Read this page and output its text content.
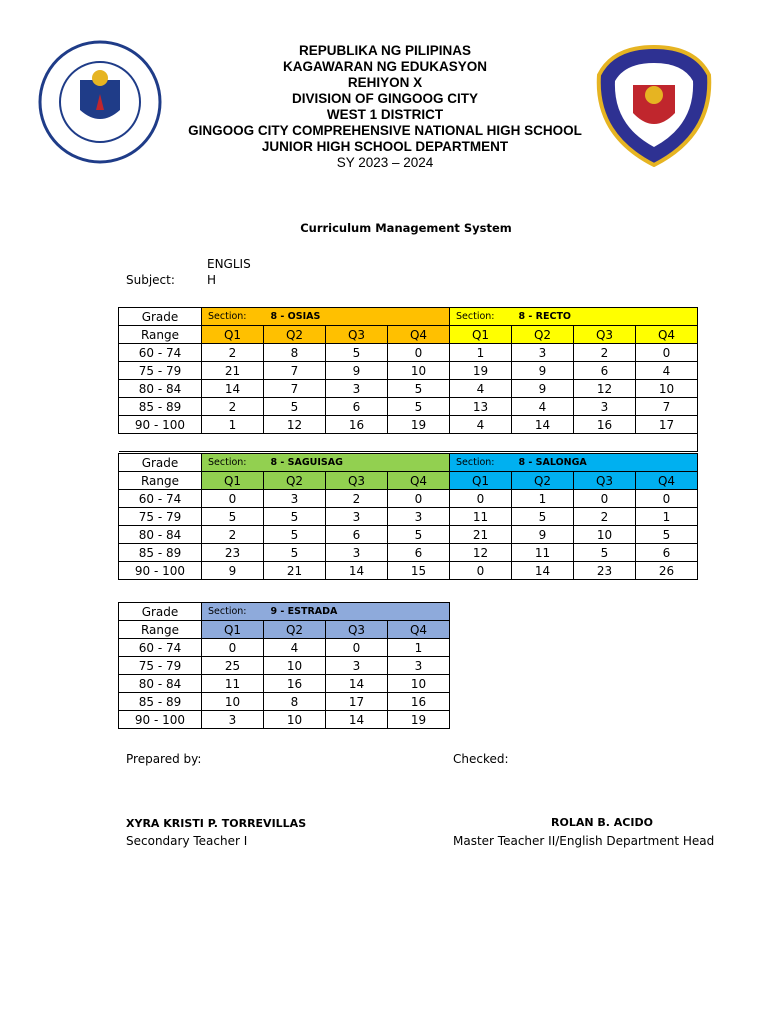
REPUBLIKA NG PILIPINAS
KAGAWARAN NG EDUKASYON
REHIYON X
DIVISION OF GINGOOG CITY
WEST 1 DISTRICT
GINGOOG CITY COMPREHENSIVE NATIONAL HIGH SCHOOL
JUNIOR HIGH SCHOOL DEPARTMENT
SY 2023 – 2024
Curriculum Management System
ENGLIS
Subject:	H
Grade	Section: 8 - OSIAS				Section: 8 - RECTO			
Range	Q1	Q2	Q3	Q4	Q1	Q2	Q3	Q4
60 - 74	2	8	5	0	1	3	2	0
75 - 79	21	7	9	10	19	9	6	4
80 - 84	14	7	3	5	4	9	12	10
85 - 89	2	5	6	5	13	4	3	7
90 - 100	1	12	16	19	4	14	16	17

Grade	Section: 8 - SAGUISAG				Section: 8 - SALONGA			
Range	Q1	Q2	Q3	Q4	Q1	Q2	Q3	Q4
60 - 74	0	3	2	0	0	1	0	0
75 - 79	5	5	3	3	11	5	2	1
80 - 84	2	5	6	5	21	9	10	5
85 - 89	23	5	3	6	12	11	5	6
90 - 100	9	21	14	15	0	14	23	26
Grade	Section: 9 - ESTRADA			
Range	Q1	Q2	Q3	Q4
60 - 74	0	4	0	1
75 - 79	25	10	3	3
80 - 84	11	16	14	10
85 - 89	10	8	17	16
90 - 100	3	10	14	19
Prepared by:	Checked:
XYRA KRISTI P. TORREVILLAS
Secondary Teacher I
ROLAN B. ACIDO
Master Teacher II/English Department Head
